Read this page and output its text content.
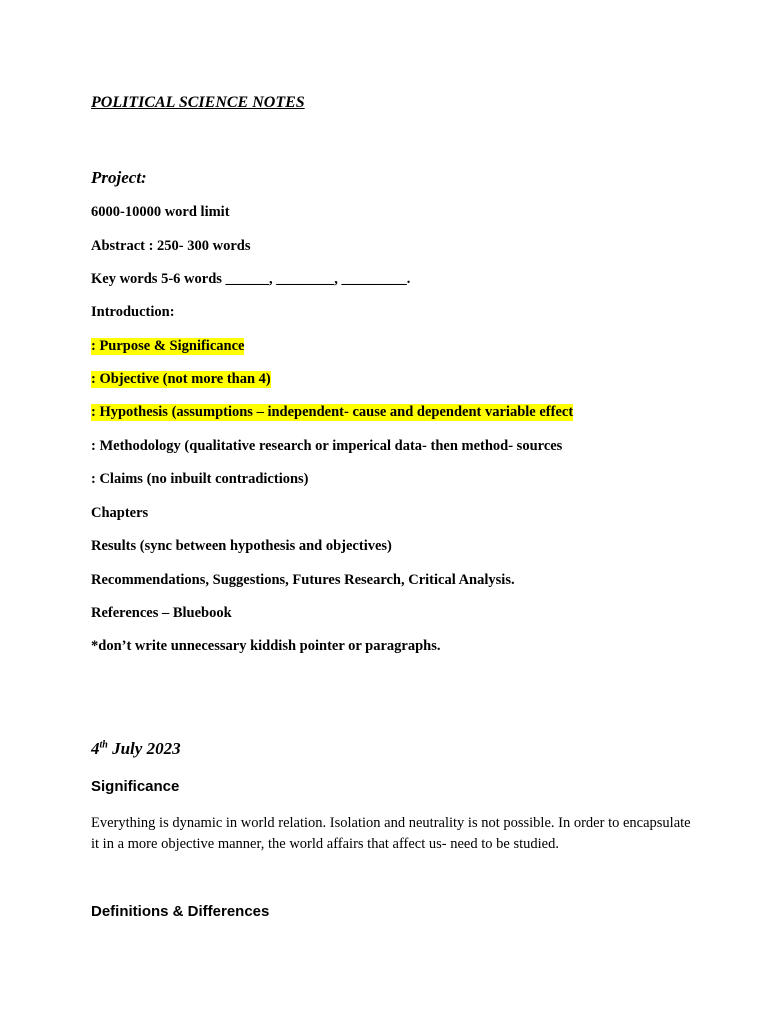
POLITICAL SCIENCE NOTES
Project:
6000-10000 word limit
Abstract : 250- 300 words
Key words 5-6 words ______, ________, _________.
Introduction:
: Purpose & Significance
: Objective (not more than 4)
: Hypothesis (assumptions – independent- cause and dependent variable effect
: Methodology (qualitative research or imperical data- then method- sources
: Claims (no inbuilt contradictions)
Chapters
Results (sync between hypothesis and objectives)
Recommendations, Suggestions, Futures Research, Critical Analysis.
References – Bluebook
*don’t write unnecessary kiddish pointer or paragraphs.
4th July 2023
Significance
Everything is dynamic in world relation. Isolation and neutrality is not possible. In order to encapsulate it in a more objective manner, the world affairs that affect us- need to be studied.
Definitions & Differences
